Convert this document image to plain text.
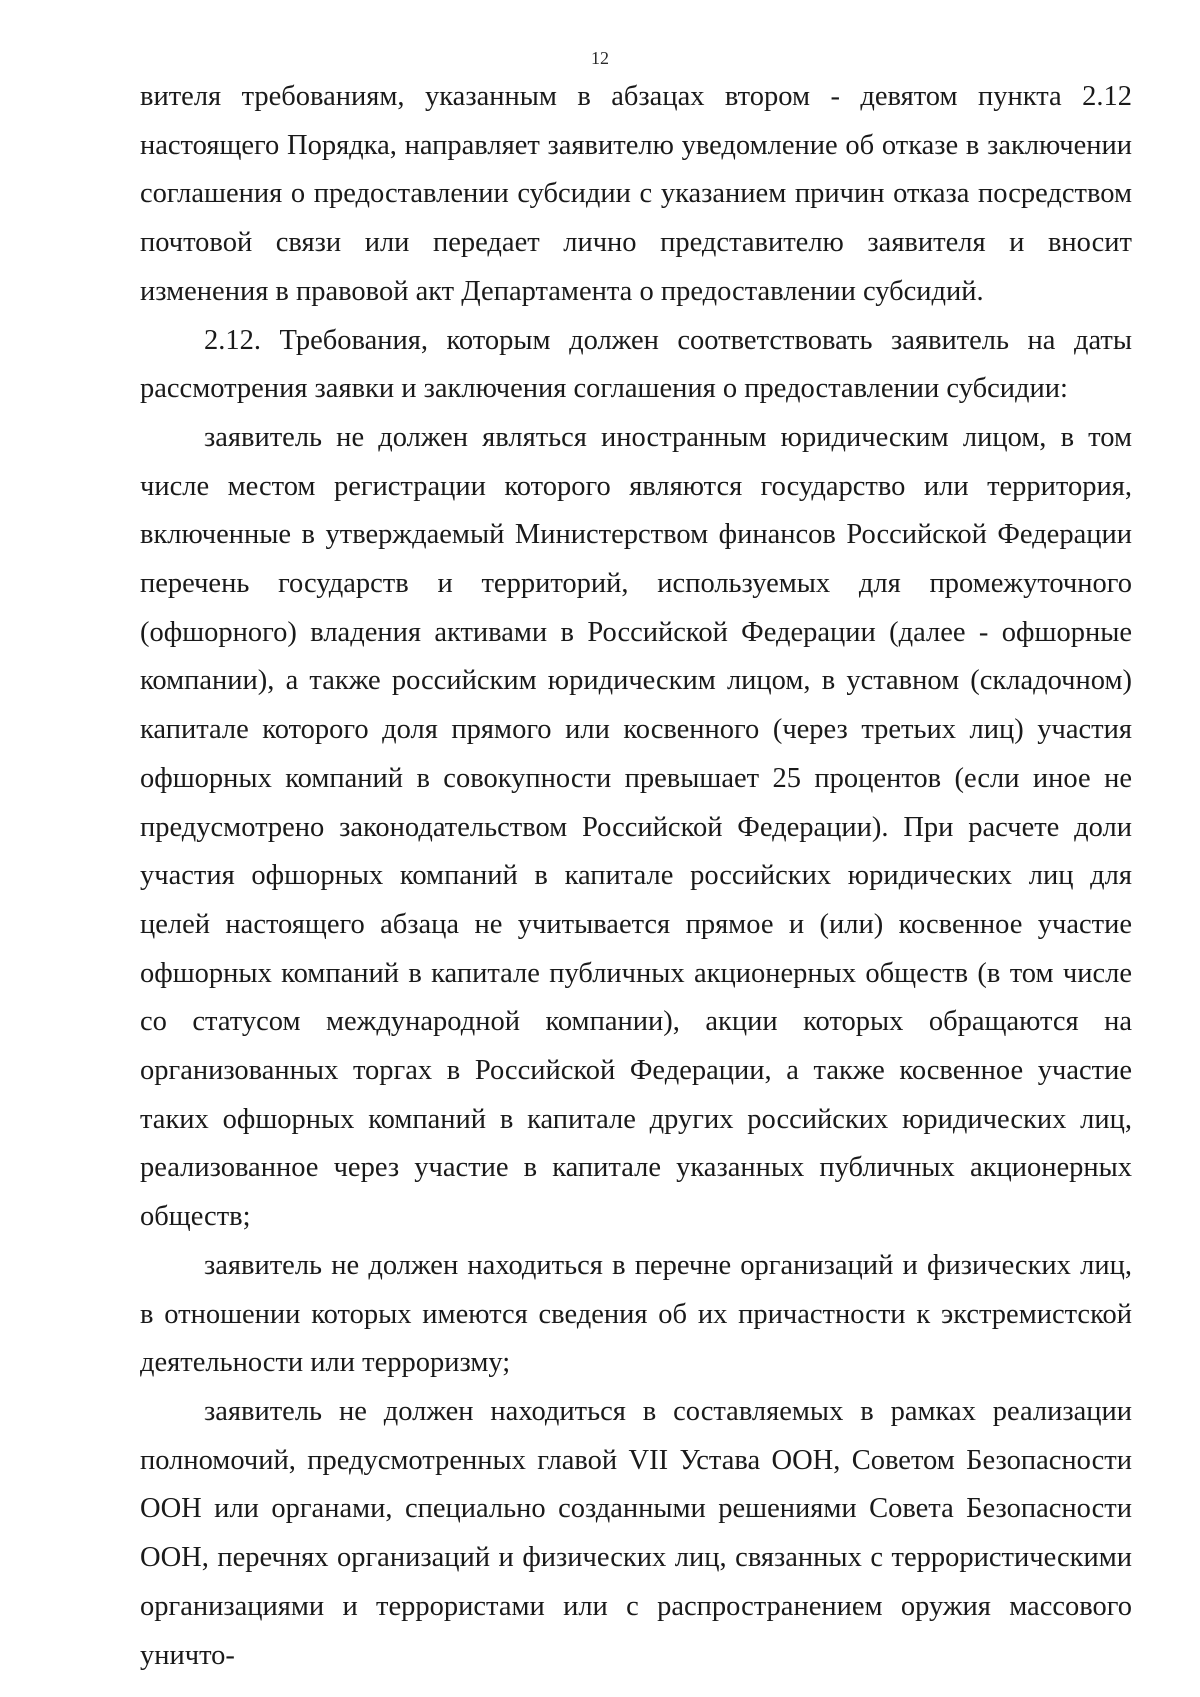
12

вителя требованиям, указанным в абзацах втором - девятом пункта 2.12 настоящего Порядка, направляет заявителю уведомление об отказе в заключении соглашения о предоставлении субсидии с указанием причин отказа посредством почтовой связи или передает лично представителю заявителя и вносит изменения в правовой акт Департамента о предоставлении субсидий.

2.12. Требования, которым должен соответствовать заявитель на даты рассмотрения заявки и заключения соглашения о предоставлении субсидии:

заявитель не должен являться иностранным юридическим лицом, в том числе местом регистрации которого являются государство или территория, включенные в утверждаемый Министерством финансов Российской Федерации перечень государств и территорий, используемых для промежуточного (офшорного) владения активами в Российской Федерации (далее - офшорные компании), а также российским юридическим лицом, в уставном (складочном) капитале которого доля прямого или косвенного (через третьих лиц) участия офшорных компаний в совокупности превышает 25 процентов (если иное не предусмотрено законодательством Российской Федерации). При расчете доли участия офшорных компаний в капитале российских юридических лиц для целей настоящего абзаца не учитывается прямое и (или) косвенное участие офшорных компаний в капитале публичных акционерных обществ (в том числе со статусом международной компании), акции которых обращаются на организованных торгах в Российской Федерации, а также косвенное участие таких офшорных компаний в капитале других российских юридических лиц, реализованное через участие в капитале указанных публичных акционерных обществ;

заявитель не должен находиться в перечне организаций и физических лиц, в отношении которых имеются сведения об их причастности к экстремистской деятельности или терроризму;

заявитель не должен находиться в составляемых в рамках реализации полномочий, предусмотренных главой VII Устава ООН, Советом Безопасности ООН или органами, специально созданными решениями Совета Безопасности ООН, перечнях организаций и физических лиц, связанных с террористическими организациями и террористами или с распространением оружия массового уничто-
